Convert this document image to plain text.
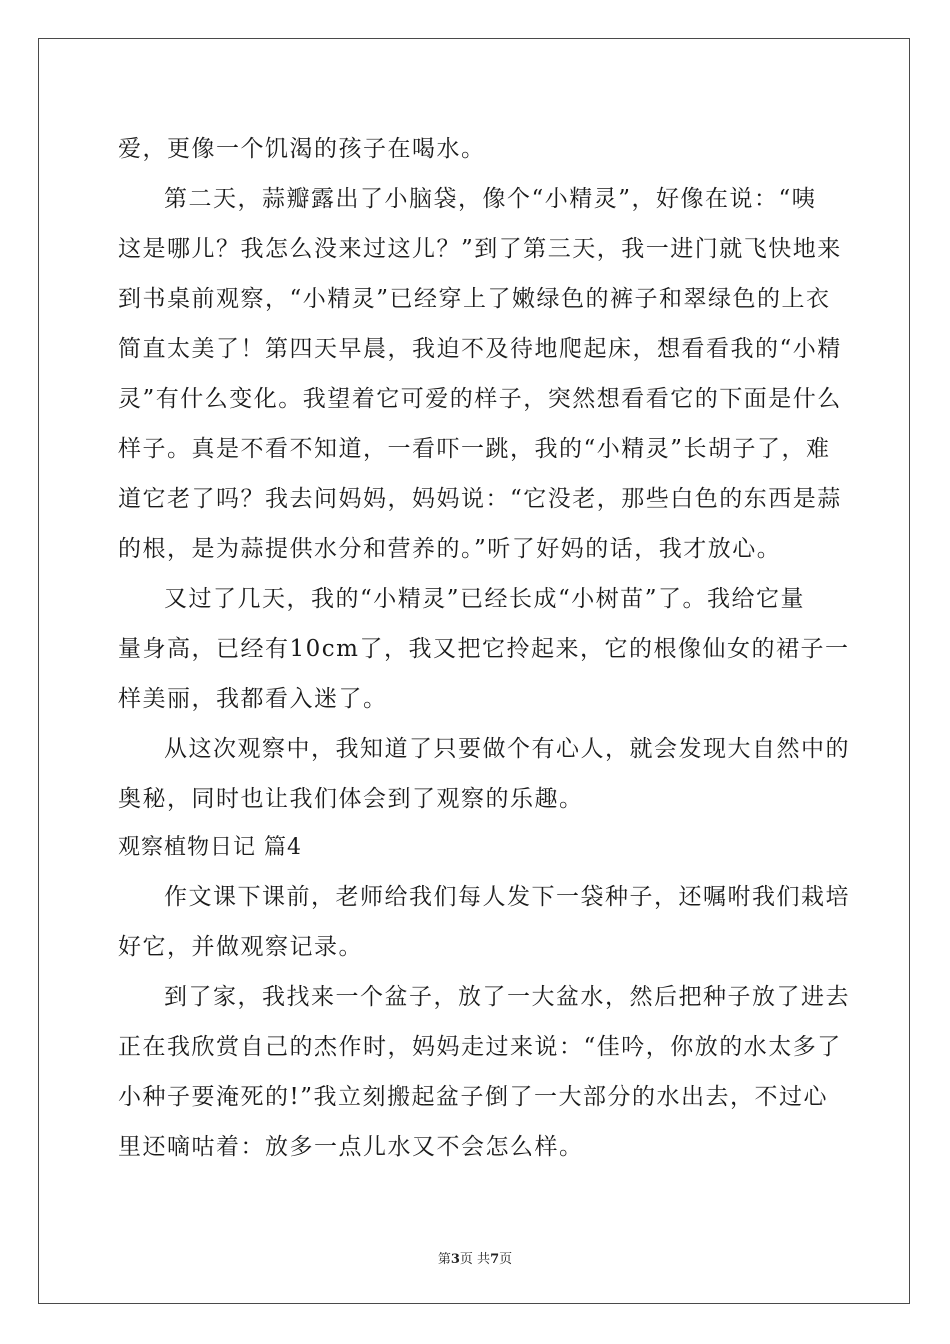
爱，更像一个饥渴的孩子在喝水。
第二天，蒜瓣露出了小脑袋，像个“小精灵”，好像在说：“咦
这是哪儿？我怎么没来过这儿？”到了第三天，我一进门就飞快地来
到书桌前观察，“小精灵”已经穿上了嫩绿色的裤子和翠绿色的上衣
简直太美了！第四天早晨，我迫不及待地爬起床，想看看我的“小精
灵”有什么变化。我望着它可爱的样子，突然想看看它的下面是什么
样子。真是不看不知道，一看吓一跳，我的“小精灵”长胡子了，难
道它老了吗？我去问妈妈，妈妈说：“它没老，那些白色的东西是蒜
的根，是为蒜提供水分和营养的。”听了好妈的话，我才放心。
又过了几天，我的“小精灵”已经长成“小树苗”了。我给它量
量身高，已经有10cm了，我又把它拎起来，它的根像仙女的裙子一
样美丽，我都看入迷了。
从这次观察中，我知道了只要做个有心人，就会发现大自然中的
奥秘，同时也让我们体会到了观察的乐趣。
观察植物日记 篇4
作文课下课前，老师给我们每人发下一袋种子，还嘱咐我们栽培
好它，并做观察记录。
到了家，我找来一个盆子，放了一大盆水，然后把种子放了进去
正在我欣赏自己的杰作时，妈妈走过来说：“佳吟，你放的水太多了
小种子要淹死的!”我立刻搬起盆子倒了一大部分的水出去，不过心
里还嘀咕着：放多一点儿水又不会怎么样。
第3页 共7页
